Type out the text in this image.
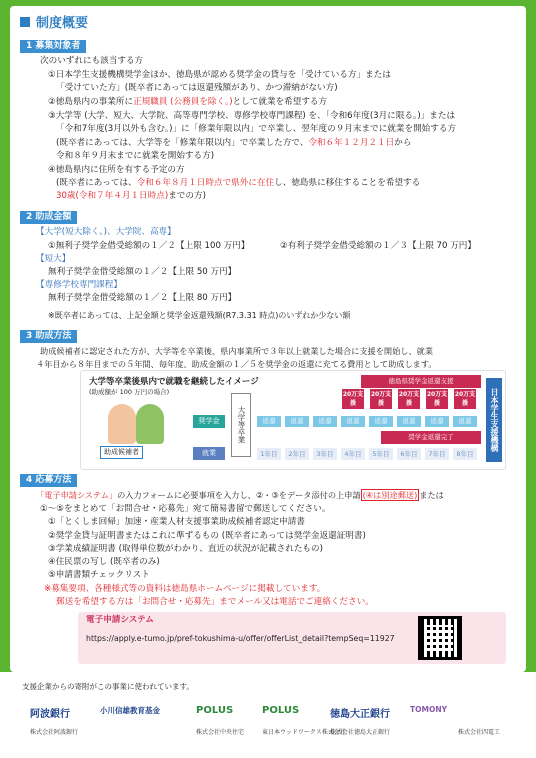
制度概要
1 募集対象者
次のいずれにも該当する方
①日本学生支援機構奨学金ほか、徳島県が認める奨学金の貸与を「受けている方」または
「受けていた方」(既卒者にあっては返還残額があり、かつ滞納がない方)
②徳島県内の事業所に正規職員 (公務員を除く。)として就業を希望する方
③大学等 (大学、短大、大学院、高等専門学校、専修学校専門課程) を、「令和6年度(3月に限る。)」または
「令和7年度(3月以外も含む。)」に「修業年限以内」で卒業し、翌年度の９月末までに就業を開始する方
(既卒者にあっては、大学等を「修業年限以内」で卒業した方で、令和６年１２月２１日から
令和８年９月末までに就業を開始する方)
④徳島県内に住所を有する予定の方
(既卒者にあっては、令和６年８月１日時点で県外に在住し、徳島県に移住することを希望する
30歳(令和７年４月１日時点)までの方)
2 助成金額
【大学(短大除く。)、大学院、高専】
①無利子奨学金借受総額の１／２【上限 100 万円】	②有利子奨学金借受総額の１／３【上限 70 万円】
【短大】
無利子奨学金借受総額の１／２【上限 50 万円】
【専修学校専門課程】
無利子奨学金借受総額の１／２【上限 80 万円】
※既卒者にあっては、上記金額と奨学金返還残額(R7.3.31 時点)のいずれか少ない額
3 助成方法
助成候補者に認定された方が、大学等を卒業後、県内事業所で３年以上就業した場合に支援を開始し、就業
４年目から８年目までの５年間、毎年度、助成金額の１／５を奨学金の返還に充てる費用として助成します。
大学等卒業後県内で就職を継続したイメージ
(助成額が 100 万円の場合)
大学等卒業
徳島県奨学金返還支援
奨学金
奨学金返還完了
就業
返還	返還	返還	返還	返還	返還	返還	返還
20万支援
20万支援
20万支援
20万支援
20万支援
1年目	2年目	3年目	4年目	5年目	6年目	7年目	8年目
日本学生支援機構
助成候補者
4 応募方法
「電子申請システム」の入力フォームに必要事項を入力し、②・③をデータ添付の上申請 (④は別途郵送) または
①～⑤をまとめて「お問合せ・応募先」宛て簡易書留で郵送してください。
①「とくしま回帰」加速・産業人材支援事業助成候補者認定申請書
②奨学金貸与証明書またはこれに準ずるもの (既卒者にあっては奨学金返還証明書)
③学業成績証明書 (取得単位数がわかり、直近の状況が記載されたもの)
④住民票の写し (既卒者のみ)
⑤申請書類チェックリスト
※募集要項、各種様式等の資料は徳島県ホームページに掲載しています。
郵送を希望する方は「お問合せ・応募先」までメール又は電話でご連絡ください。
電子申請システム
https://apply.e-tumo.jp/pref-tokushima-u/offer/offerList_detail?tempSeq=11927
支援企業からの寄附がこの事業に使われています。
阿波銀行
株式会社阿波銀行
小川信雄教育基金	POLUS
株式会社中央住宅
POLUS
東日本ウッドワークス株式会社
徳島大正銀行
株式会社徳島大正銀行
TOMONY
株式会社四電工
